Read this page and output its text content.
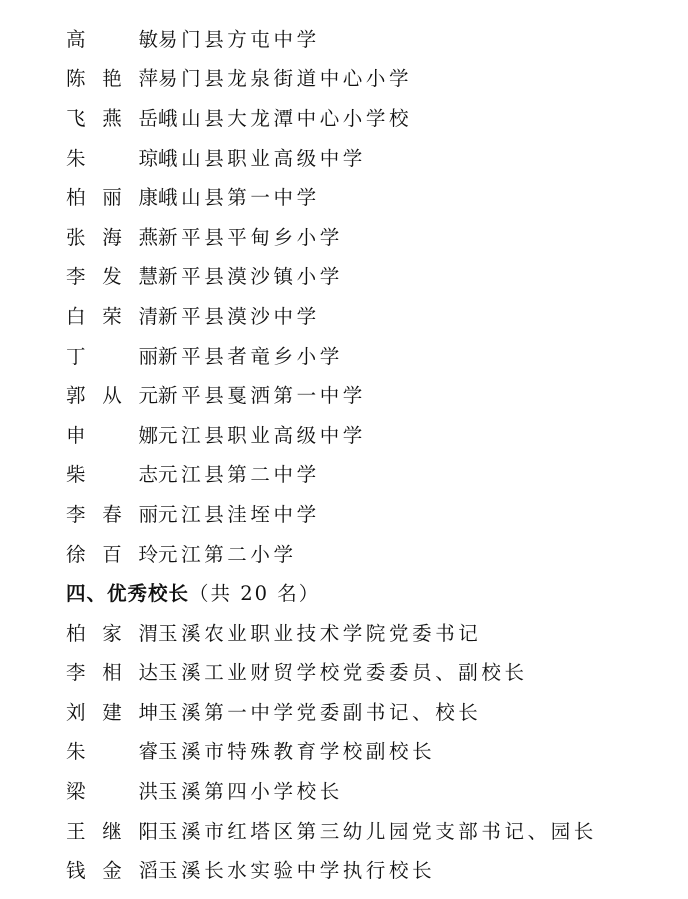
高敏 易门县方屯中学
陈艳萍 易门县龙泉街道中心小学
飞燕岳 峨山县大龙潭中心小学校
朱琼 峨山县职业高级中学
柏丽康 峨山县第一中学
张海燕 新平县平甸乡小学
李发慧 新平县漠沙镇小学
白荣清 新平县漠沙中学
丁丽 新平县者竜乡小学
郭从元 新平县戛洒第一中学
申娜 元江县职业高级中学
柴志 元江县第二中学
李春丽 元江县洼垤中学
徐百玲 元江第二小学
四、优秀校长 （共 20 名）
柏家渭 玉溪农业职业技术学院党委书记
李相达 玉溪工业财贸学校党委委员、副校长
刘建坤 玉溪第一中学党委副书记、校长
朱睿 玉溪市特殊教育学校副校长
梁洪 玉溪第四小学校长
王继阳 玉溪市红塔区第三幼儿园党支部书记、园长
钱金滔 玉溪长水实验中学执行校长
